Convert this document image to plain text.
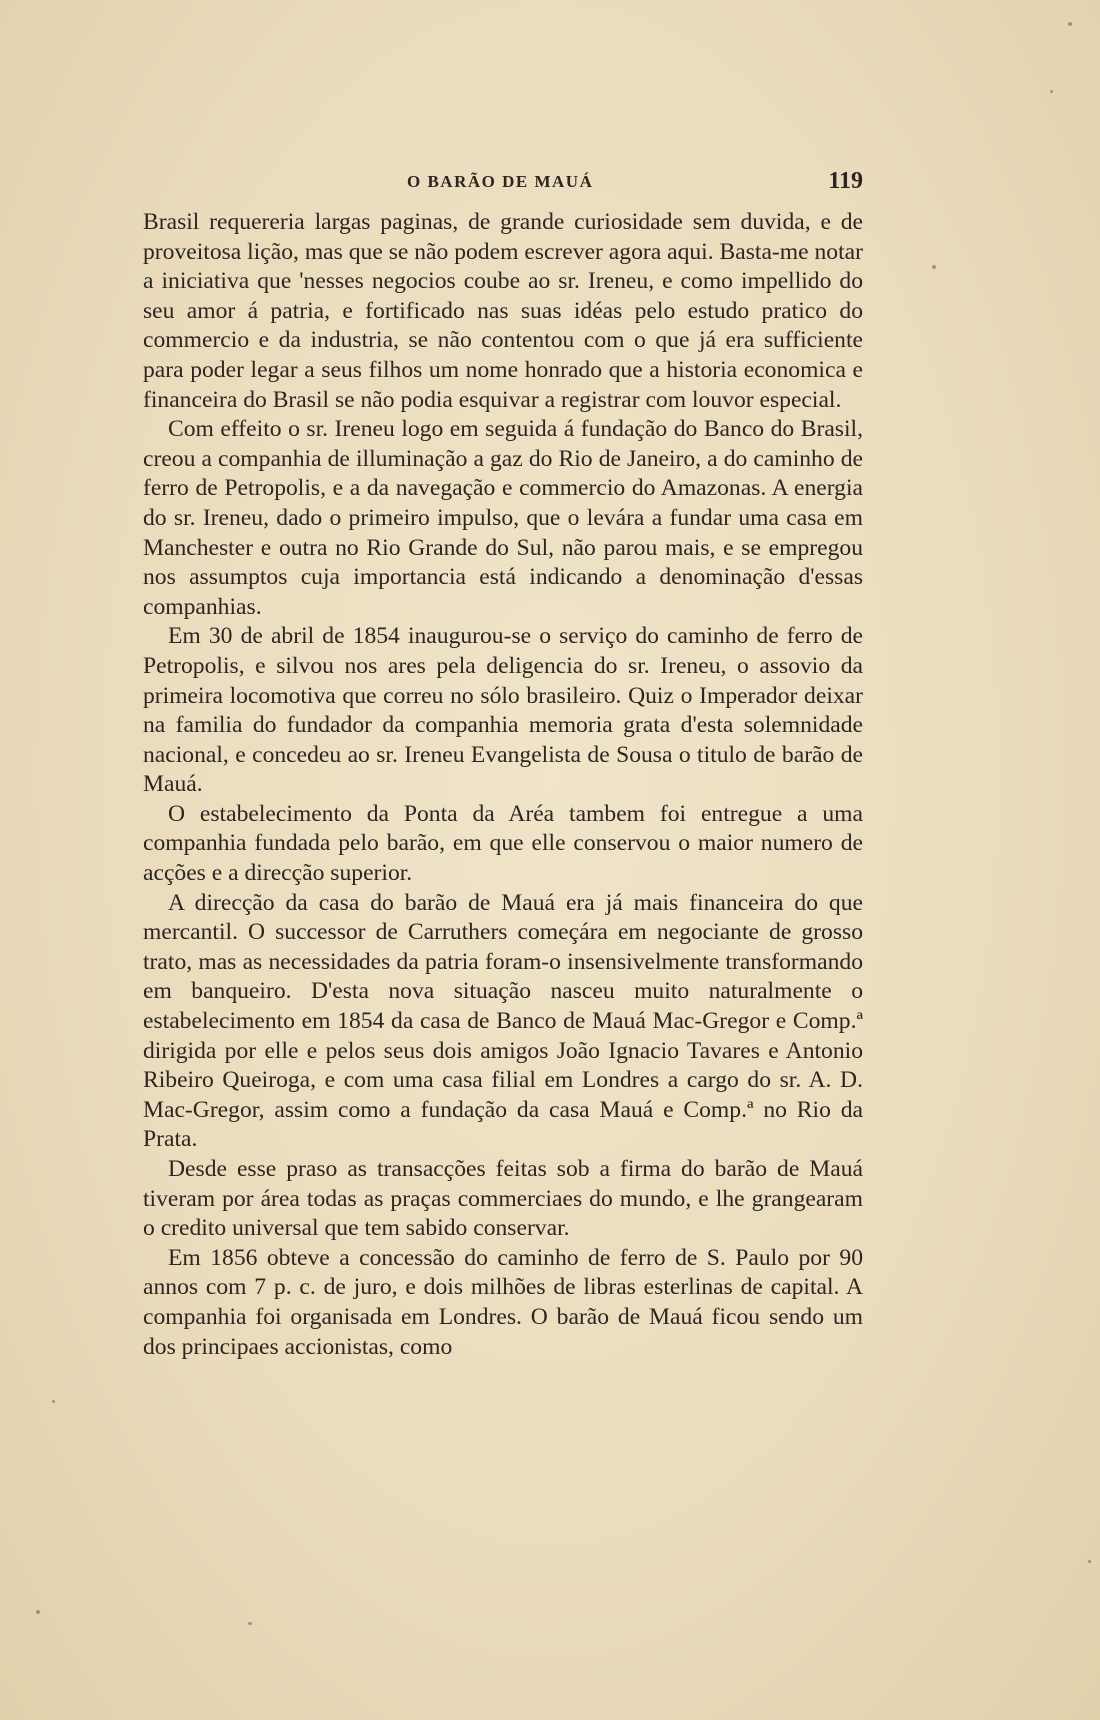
O BARÃO DE MAUÁ	119

Brasil requereria largas paginas, de grande curiosidade sem duvida, e de proveitosa lição, mas que se não podem escrever agora aqui. Basta-me notar a iniciativa que 'nesses negocios coube ao sr. Ireneu, e como impellido do seu amor á patria, e fortificado nas suas idéas pelo estudo pratico do commercio e da industria, se não contentou com o que já era sufficiente para poder legar a seus filhos um nome honrado que a historia economica e financeira do Brasil se não podia esquivar a registrar com louvor especial.

Com effeito o sr. Ireneu logo em seguida á fundação do Banco do Brasil, creou a companhia de illuminação a gaz do Rio de Janeiro, a do caminho de ferro de Petropolis, e a da navegação e commercio do Amazonas. A energia do sr. Ireneu, dado o primeiro impulso, que o levára a fundar uma casa em Manchester e outra no Rio Grande do Sul, não parou mais, e se empregou nos assumptos cuja importancia está indicando a denominação d'essas companhias.

Em 30 de abril de 1854 inaugurou-se o serviço do caminho de ferro de Petropolis, e silvou nos ares pela deligencia do sr. Ireneu, o assovio da primeira locomotiva que correu no sólo brasileiro. Quiz o Imperador deixar na familia do fundador da companhia memoria grata d'esta solemnidade nacional, e concedeu ao sr. Ireneu Evangelista de Sousa o titulo de barão de Mauá.

O estabelecimento da Ponta da Aréa tambem foi entregue a uma companhia fundada pelo barão, em que elle conservou o maior numero de acções e a direcção superior.

A direcção da casa do barão de Mauá era já mais financeira do que mercantil. O successor de Carruthers começára em negociante de grosso trato, mas as necessidades da patria foram-o insensivelmente transformando em banqueiro. D'esta nova situação nasceu muito naturalmente o estabelecimento em 1854 da casa de Banco de Mauá Mac-Gregor e Comp.ª dirigida por elle e pelos seus dois amigos João Ignacio Tavares e Antonio Ribeiro Queiroga, e com uma casa filial em Londres a cargo do sr. A. D. Mac-Gregor, assim como a fundação da casa Mauá e Comp.ª no Rio da Prata.

Desde esse praso as transacções feitas sob a firma do barão de Mauá tiveram por área todas as praças commerciaes do mundo, e lhe grangearam o credito universal que tem sabido conservar.

Em 1856 obteve a concessão do caminho de ferro de S. Paulo por 90 annos com 7 p. c. de juro, e dois milhões de libras esterlinas de capital. A companhia foi organisada em Londres. O barão de Mauá ficou sendo um dos principaes accionistas, como
